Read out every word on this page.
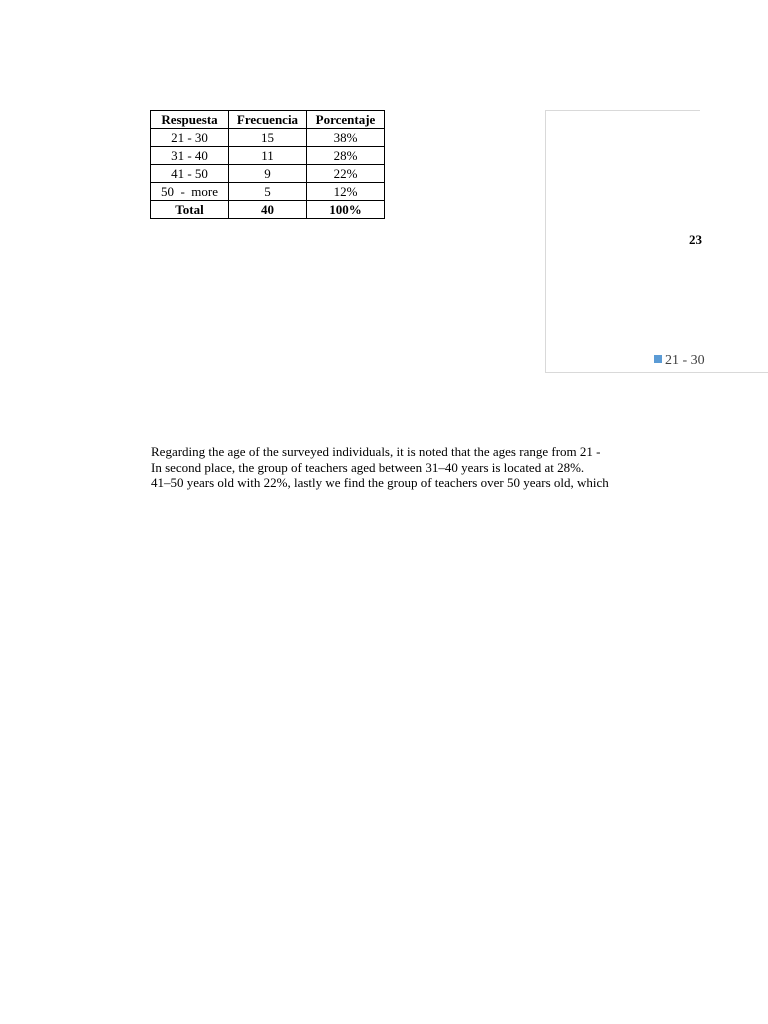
Respuesta	Frecuencia	Porcentaje
21 - 30	15	38%
31 - 40	11	28%
41 - 50	9	22%
50  -  more	5	12%
Total	40	100%
23
21 - 30
Regarding the age of the surveyed individuals, it is noted that the ages range from 21 -
In second place, the group of teachers aged between 31–40 years is located at 28%.
41–50 years old with 22%, lastly we find the group of teachers over 50 years old, which
